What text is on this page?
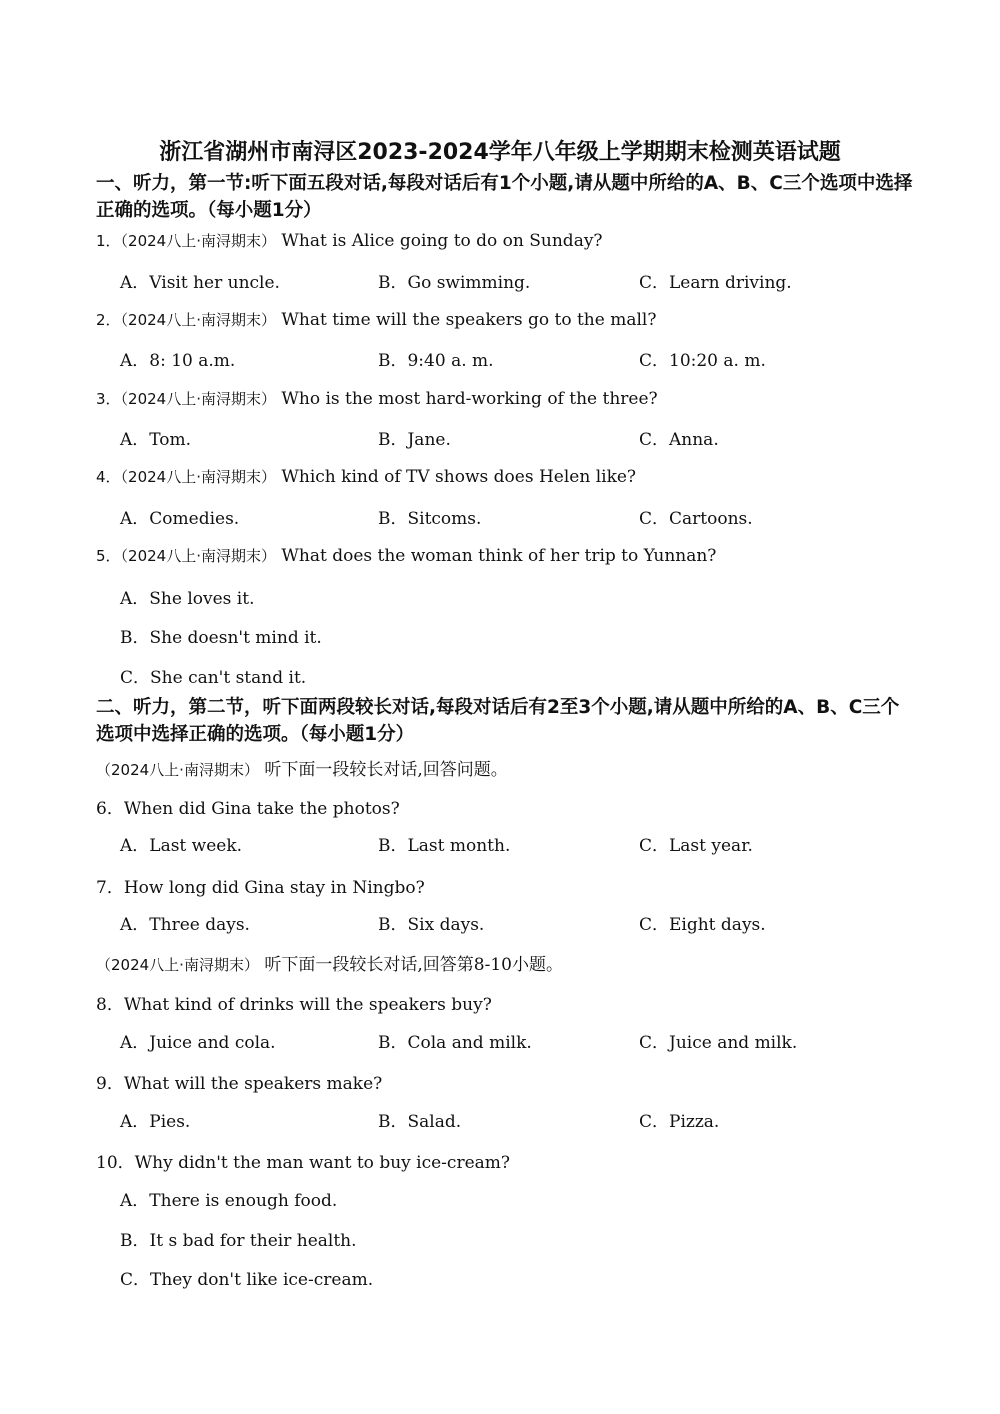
浙江省湖州市南浔区2023-2024学年八年级上学期期末检测英语试题
一、听力，第一节:听下面五段对话,每段对话后有1个小题,请从题中所给的A、B、C三个选项中选择正确的选项。（每小题1分）
1．（2024八上·南浔期末） What is Alice going to do on Sunday?
A．Visit her uncle.	B．Go swimming.	C．Learn driving.
2．（2024八上·南浔期末） What time will the speakers go to the mall?
A．8: 10 a.m.	B．9:40 a. m.	C．10:20 a. m.
3．（2024八上·南浔期末） Who is the most hard-working of the three?
A．Tom.	B．Jane.	C．Anna.
4．（2024八上·南浔期末） Which kind of TV shows does Helen like?
A．Comedies.	B．Sitcoms.	C．Cartoons.
5．（2024八上·南浔期末） What does the woman think of her trip to Yunnan?
A．She loves it.
B．She doesn't mind it.
C．She can't stand it.
二、听力，第二节，听下面两段较长对话,每段对话后有2至3个小题,请从题中所给的A、B、C三个选项中选择正确的选项。（每小题1分）
（2024八上·南浔期末） 听下面一段较长对话,回答问题。
6．When did Gina take the photos?
A．Last week.	B．Last month.	C．Last year.
7．How long did Gina stay in Ningbo?
A．Three days.	B．Six days.	C．Eight days.
（2024八上·南浔期末） 听下面一段较长对话,回答第8-10小题。
8．What kind of drinks will the speakers buy?
A．Juice and cola.	B．Cola and milk.	C．Juice and milk.
9．What will the speakers make?
A．Pies.	B．Salad.	C．Pizza.
10．Why didn't the man want to buy ice-cream?
A．There is enough food.
B．It s bad for their health.
C．They don't like ice-cream.
